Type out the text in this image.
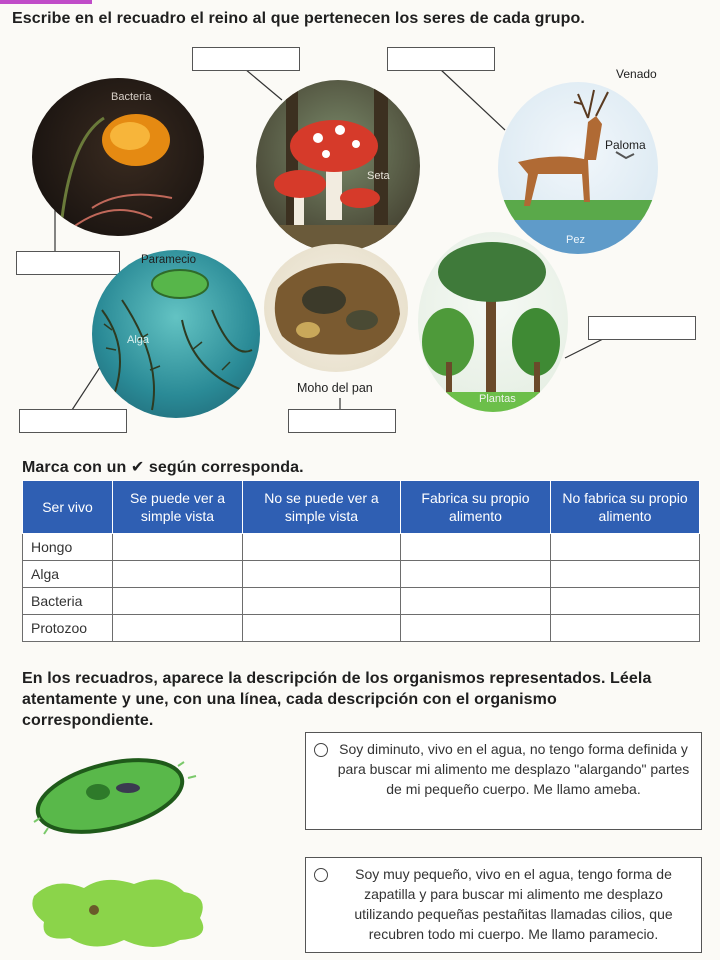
Escribe en el recuadro el reino al que pertenecen los seres de cada grupo.
Bacteria
Seta
Venado
Paloma
Pez
Paramecio
Alga
Moho del pan
Plantas
Marca con un ✔ según corresponda.
Ser vivo	Se puede ver a simple vista	No se puede ver a simple vista	Fabrica su propio alimento	No fabrica su propio alimento
Hongo				
Alga				
Bacteria				
Protozoo				
En los recuadros, aparece la descripción de los organismos representados. Léela atentamente y une, con una línea, cada descripción con el organismo correspondiente.
Soy diminuto, vivo en el agua, no tengo forma definida y para buscar mi alimento me desplazo "alargando" partes de mi pequeño cuerpo. Me llamo ameba.
Soy muy pequeño, vivo en el agua, tengo forma de zapatilla y para buscar mi alimento me desplazo utilizando pequeñas pestañitas llamadas cilios, que recubren todo mi cuerpo. Me llamo paramecio.
